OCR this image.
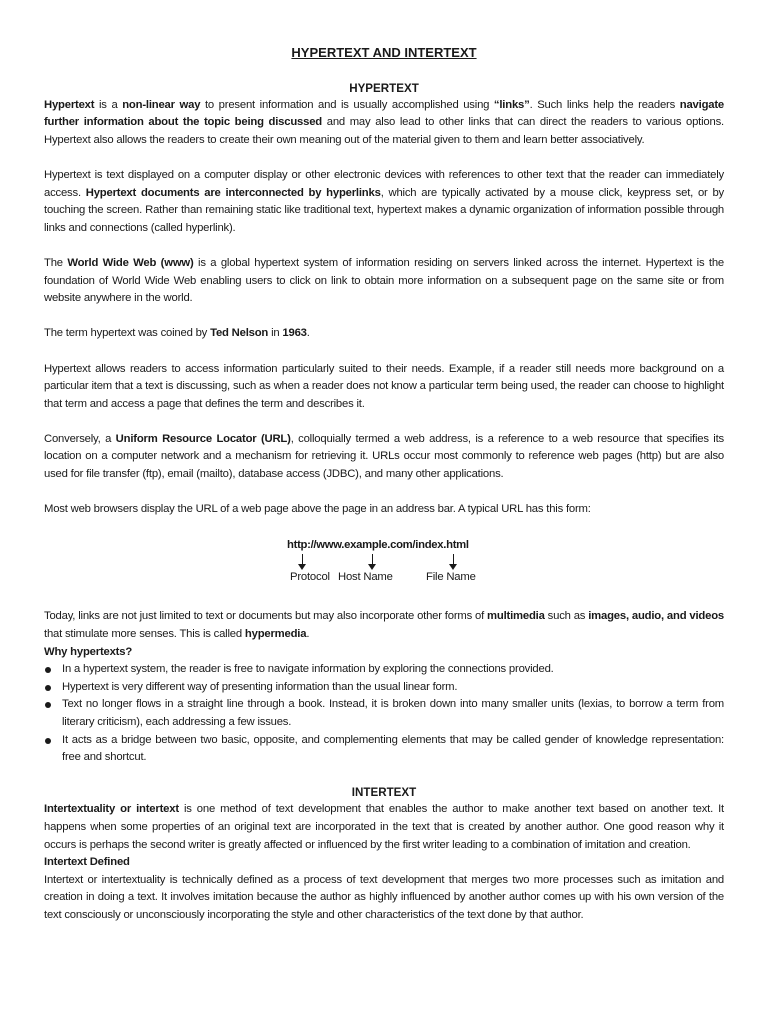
HYPERTEXT AND INTERTEXT
HYPERTEXT

Hypertext is a non-linear way to present information and is usually accomplished using “links”. Such links help the readers navigate further information about the topic being discussed and may also lead to other links that can direct the readers to various options. Hypertext also allows the readers to create their own meaning out of the material given to them and learn better associatively.

Hypertext is text displayed on a computer display or other electronic devices with references to other text that the reader can immediately access. Hypertext documents are interconnected by hyperlinks, which are typically activated by a mouse click, keypress set, or by touching the screen. Rather than remaining static like traditional text, hypertext makes a dynamic organization of information possible through links and connections (called hyperlink).

The World Wide Web (www) is a global hypertext system of information residing on servers linked across the internet. Hypertext is the foundation of World Wide Web enabling users to click on link to obtain more information on a subsequent page on the same site or from website anywhere in the world.

The term hypertext was coined by Ted Nelson in 1963.

Hypertext allows readers to access information particularly suited to their needs. Example, if a reader still needs more background on a particular item that a text is discussing, such as when a reader does not know a particular term being used, the reader can choose to highlight that term and access a page that defines the term and describes it.

Conversely, a Uniform Resource Locator (URL), colloquially termed a web address, is a reference to a web resource that specifies its location on a computer network and a mechanism for retrieving it. URLs occur most commonly to reference web pages (http) but are also used for file transfer (ftp), email (mailto), database access (JDBC), and many other applications.

Most web browsers display the URL of a web page above the page in an address bar. A typical URL has this form:

http://www.example.com/index.html
Protocol Host Name	File Name

Today, links are not just limited to text or documents but may also incorporate other forms of multimedia such as images, audio, and videos that stimulate more senses. This is called hypermedia.

Why hypertexts?

In a hypertext system, the reader is free to navigate information by exploring the connections provided.
Hypertext is very different way of presenting information than the usual linear form.
Text no longer flows in a straight line through a book. Instead, it is broken down into many smaller units (lexias, to borrow a term from literary criticism), each addressing a few issues.
It acts as a bridge between two basic, opposite, and complementing elements that may be called gender of knowledge representation: free and shortcut.
INTERTEXT

Intertextuality or intertext is one method of text development that enables the author to make another text based on another text. It happens when some properties of an original text are incorporated in the text that is created by another author. One good reason why it occurs is perhaps the second writer is greatly affected or influenced by the first writer leading to a combination of imitation and creation.

Intertext Defined

Intertext or intertextuality is technically defined as a process of text development that merges two more processes such as imitation and creation in doing a text. It involves imitation because the author as highly influenced by another author comes up with his own version of the text consciously or unconsciously incorporating the style and other characteristics of the text done by that author.
